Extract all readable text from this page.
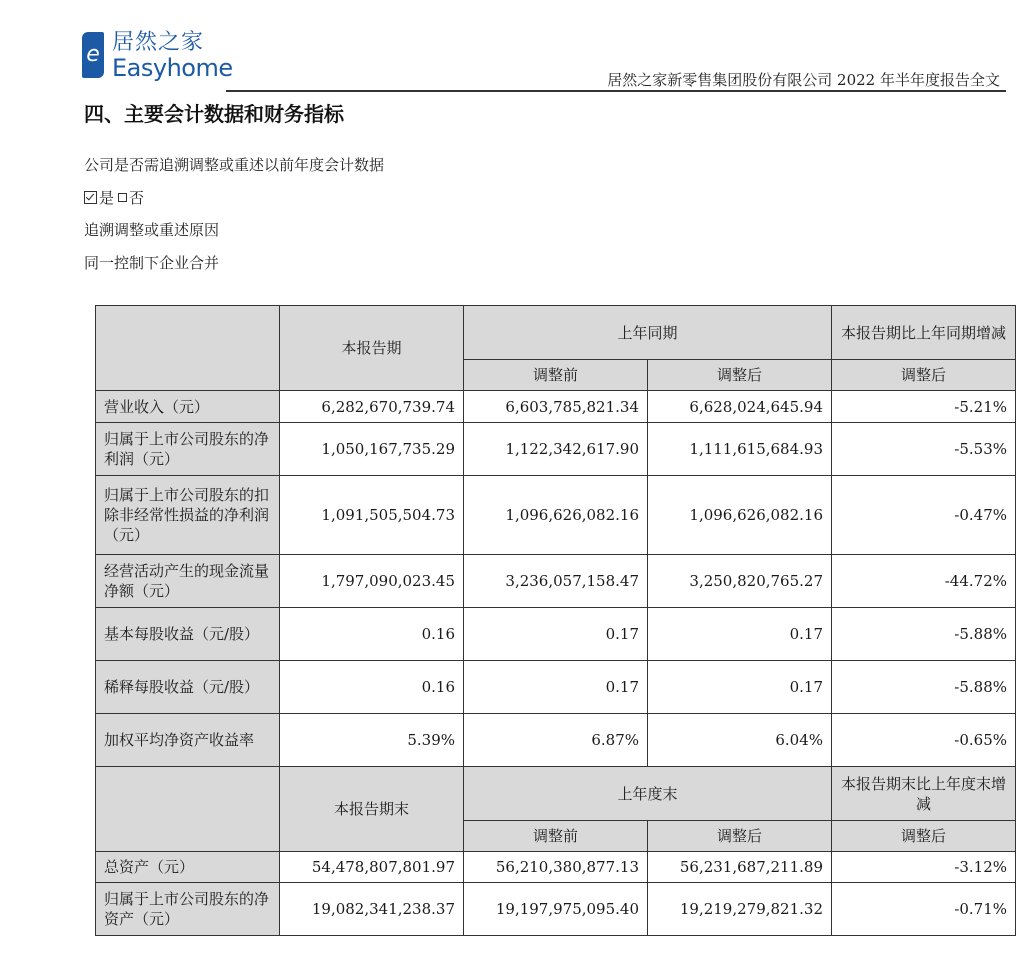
e 居然之家
Easyhome	居然之家新零售集团股份有限公司 2022 年半年度报告全文
四、主要会计数据和财务指标
公司是否需追溯调整或重述以前年度会计数据
是 否
追溯调整或重述原因
同一控制下企业合并
	本报告期	上年同期		本报告期比上年同期增减
		调整前	调整后	调整后
营业收入（元）	6,282,670,739.74	6,603,785,821.34	6,628,024,645.94	-5.21%
归属于上市公司股东的净利润（元）	1,050,167,735.29	1,122,342,617.90	1,111,615,684.93	-5.53%
归属于上市公司股东的扣除非经常性损益的净利润（元）	1,091,505,504.73	1,096,626,082.16	1,096,626,082.16	-0.47%
经营活动产生的现金流量净额（元）	1,797,090,023.45	3,236,057,158.47	3,250,820,765.27	-44.72%
基本每股收益（元/股）	0.16	0.17	0.17	-5.88%
稀释每股收益（元/股）	0.16	0.17	0.17	-5.88%
加权平均净资产收益率	5.39%	6.87%	6.04%	-0.65%
	本报告期末	上年度末		本报告期末比上年度末增减
		调整前	调整后	调整后
总资产（元）	54,478,807,801.97	56,210,380,877.13	56,231,687,211.89	-3.12%
归属于上市公司股东的净资产（元）	19,082,341,238.37	19,197,975,095.40	19,219,279,821.32	-0.71%
